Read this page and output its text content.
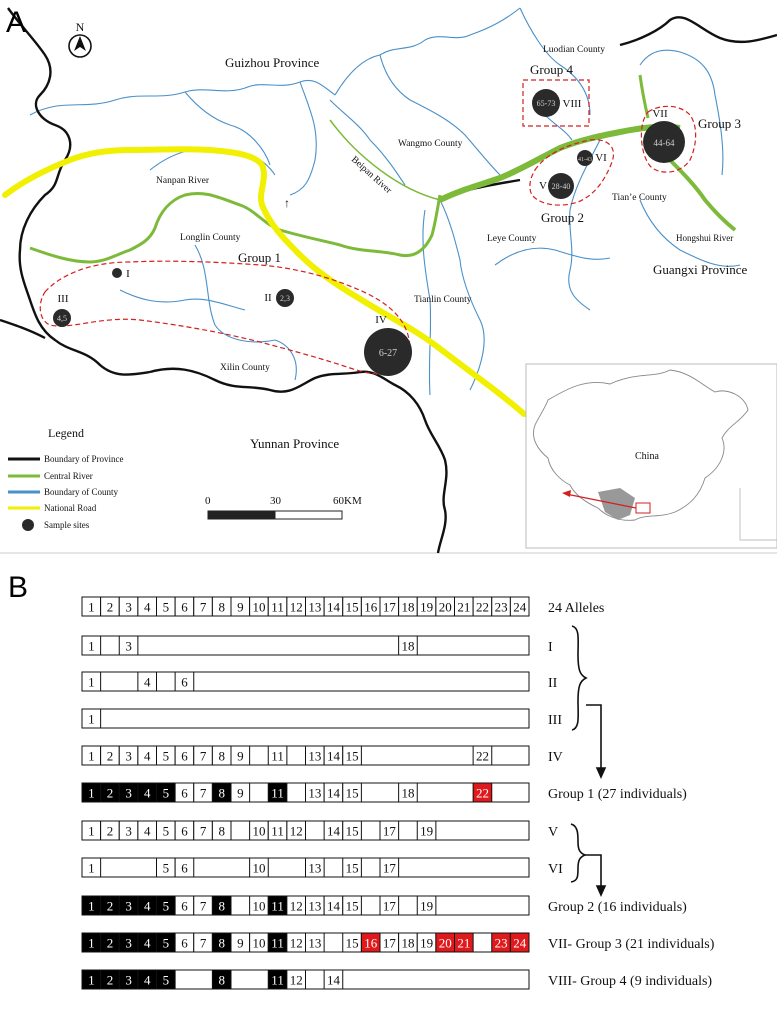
2,3
4,5
6-27
28-40
41-43
44-64
65-73
I
II
III
IV
V
VI
VII
VIII
Guizhou Province
Yunnan Province
Guangxi Province
Luodian County
Wangmo County
Nanpan River	Beipan River
Longlin County
Tianlin County
Xilin County
Leye County
Tian’e County
Hongshui River
Group 1
Group 2
Group 3
Group 4
↑
A	N
Legend
Boundary of Province
Central River
Boundary of County
National Road
Sample sites
0	30	60KM
China
B
1 2 3 4 5 6 7 8 9 10 11 12 13 14 15 16 17 18 19 20 21 22 23 24 24 Alleles
1 3	18	I
1	4 6	II
1	III
1 2 3 4 5 6 7 8 9 11 13 14 15	22	IV
1 2 3 4 5 6 7 8 9 11 13 14 15	18	22	Group 1 (27 individuals)
1 2 3 4 5 6 7 8 10 11 12 14 15 17 19	V
1	5 6	10	13 15 17	VI
1 2 3 4 5 6 7 8 10 11 12 13 14 15 17 19	Group 2 (16 individuals)
1 2 3 4 5 6 7 8 9 10 11 12 13 15 16 17 18 19 20 21 23 24 VII- Group 3 (21 individuals)
1 2 3 4 5	8	11 12 14	VIII- Group 4 (9 individuals)
